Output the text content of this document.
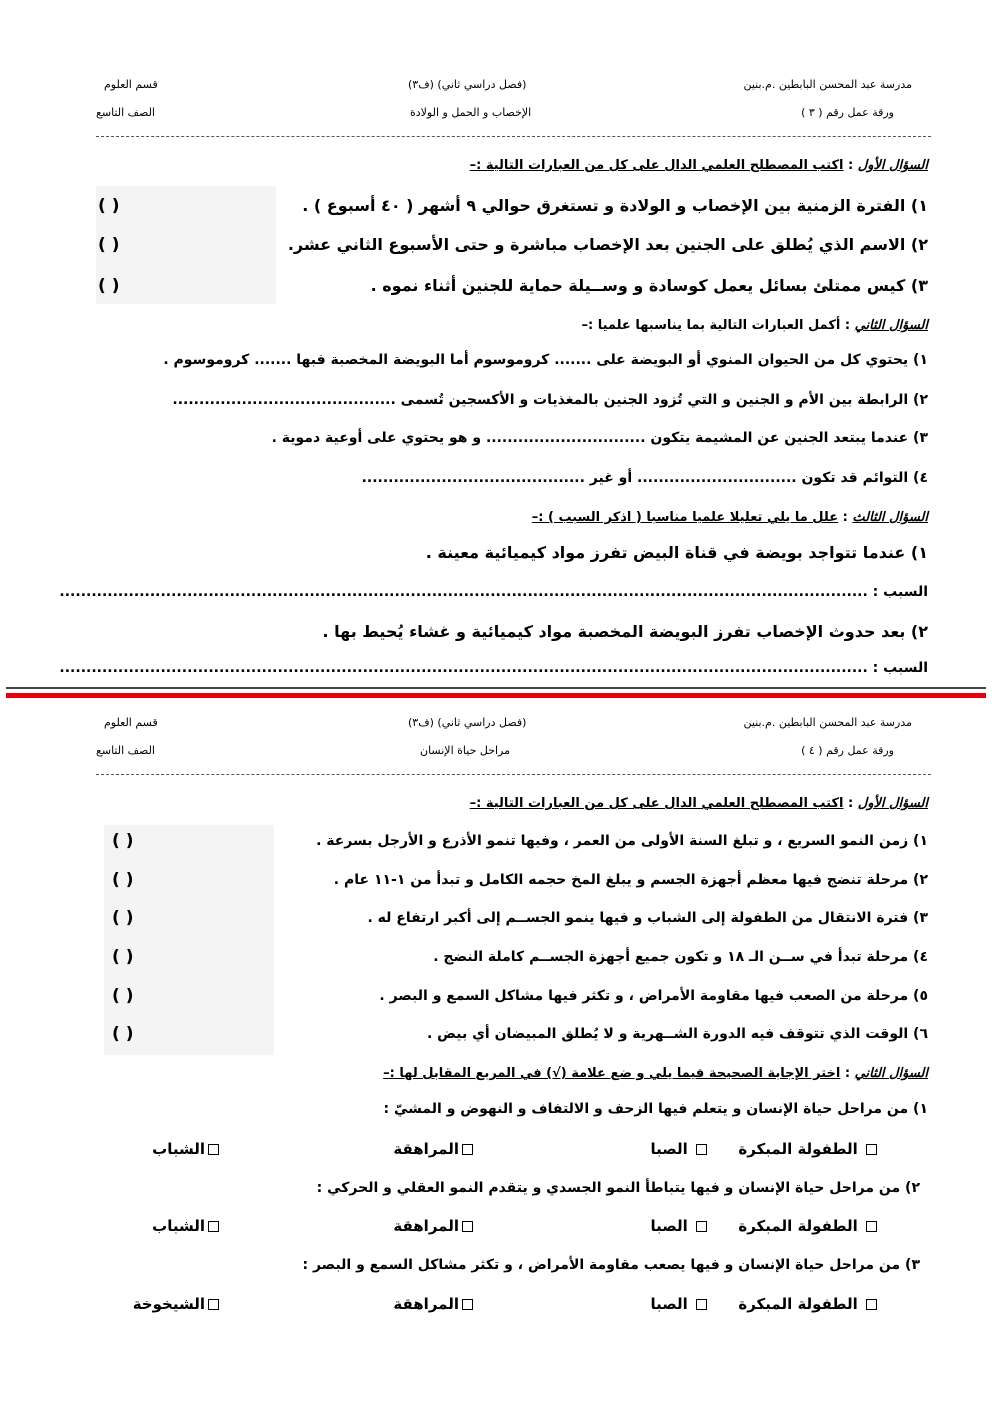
مدرسة عبد المحسن البابطين .م.بنين
(فصل دراسي ثاني) (ف٣)
قسم العلوم
ورقة عمل رقم ( ٣ )
الإخصاب و الحمل و الولادة
الصف التاسع
السؤال الأول : اكتب المصطلح العلمي الدال على كل من العبارات التالية :–
١) الفترة الزمنية بين الإخصاب و الولادة و تستغرق حوالي ٩ أشهر ( ٤٠ أسبوع ) .
( )
٢) الاسم الذي يُطلق على الجنين بعد الإخصاب مباشرة و حتى الأسبوع الثاني عشر.
( )
٣) كيس ممتلئ بسائل يعمل كوسادة و وســيلة حماية للجنين أثناء نموه .
( )
السؤال الثاني : أكمل العبارات التالية بما يناسبها علميا :–
١) يحتوي كل من الحيوان المنوي أو البويضة على ....... كروموسوم أما البويضة المخصبة فبها ....... كروموسوم .
٢) الرابطة بين الأم و الجنين و التي تُزود الجنين بالمغذيات و الأكسجين تُسمى ..........................................
٣) عندما يبتعد الجنين عن المشيمة يتكون .............................. و هو يحتوي على أوعية دموية .
٤) التوائم قد تكون .............................. أو غير ..........................................
السؤال الثالث : علل ما يلي تعليلا علميا مناسبا ( اذكر السبب ) :–
١) عندما تتواجد بويضة في قناة البيض تفرز مواد كيميائية معينة .
السبب : ........................................................................................................................................................
٢) بعد حدوث الإخصاب تفرز البويضة المخصبة مواد كيميائية و غشاء يُحيط بها .
السبب : ........................................................................................................................................................
مدرسة عبد المحسن البابطين .م.بنين
(فصل دراسي ثاني) (ف٣)
قسم العلوم
ورقة عمل رقم ( ٤ )
مراحل حياة الإنسان
الصف التاسع
السؤال الأول : اكتب المصطلح العلمي الدال على كل من العبارات التالية :–
١) زمن النمو السريع ، و تبلغ السنة الأولى من العمر ، وفيها تنمو الأذرع و الأرجل بسرعة .
( )
٢) مرحلة تنضج فيها معظم أجهزة الجسم و يبلغ المخ حجمه الكامل و تبدأ من ١-١١ عام .
( )
٣) فترة الانتقال من الطفولة إلى الشباب و فيها ينمو الجســم إلى أكبر ارتفاع له .
( )
٤) مرحلة تبدأ في ســن الـ ١٨ و تكون جميع أجهزة الجســم كاملة النضج .
( )
٥) مرحلة من الصعب فيها مقاومة الأمراض ، و تكثر فيها مشاكل السمع و البصر .
( )
٦) الوقت الذي تتوقف فيه الدورة الشــهرية و لا يُطلق المبيضان أي بيض .
( )
السؤال الثاني : اختر الإجابة الصحيحة فيما يلي و ضع علامة (√) في المربع المقابل لها :–
١) من مراحل حياة الإنسان و يتعلم فيها الزحف و الالتفاف و النهوض و المشيّ :
الطفولة المبكرة
الصبا
المراهقة
الشباب
٢) من مراحل حياة الإنسان و فيها يتباطأ النمو الجسدي و يتقدم النمو العقلي و الحركي :
الطفولة المبكرة
الصبا
المراهقة
الشباب
٣) من مراحل حياة الإنسان و فيها يصعب مقاومة الأمراض ، و تكثر مشاكل السمع و البصر :
الطفولة المبكرة
الصبا
المراهقة
الشيخوخة
